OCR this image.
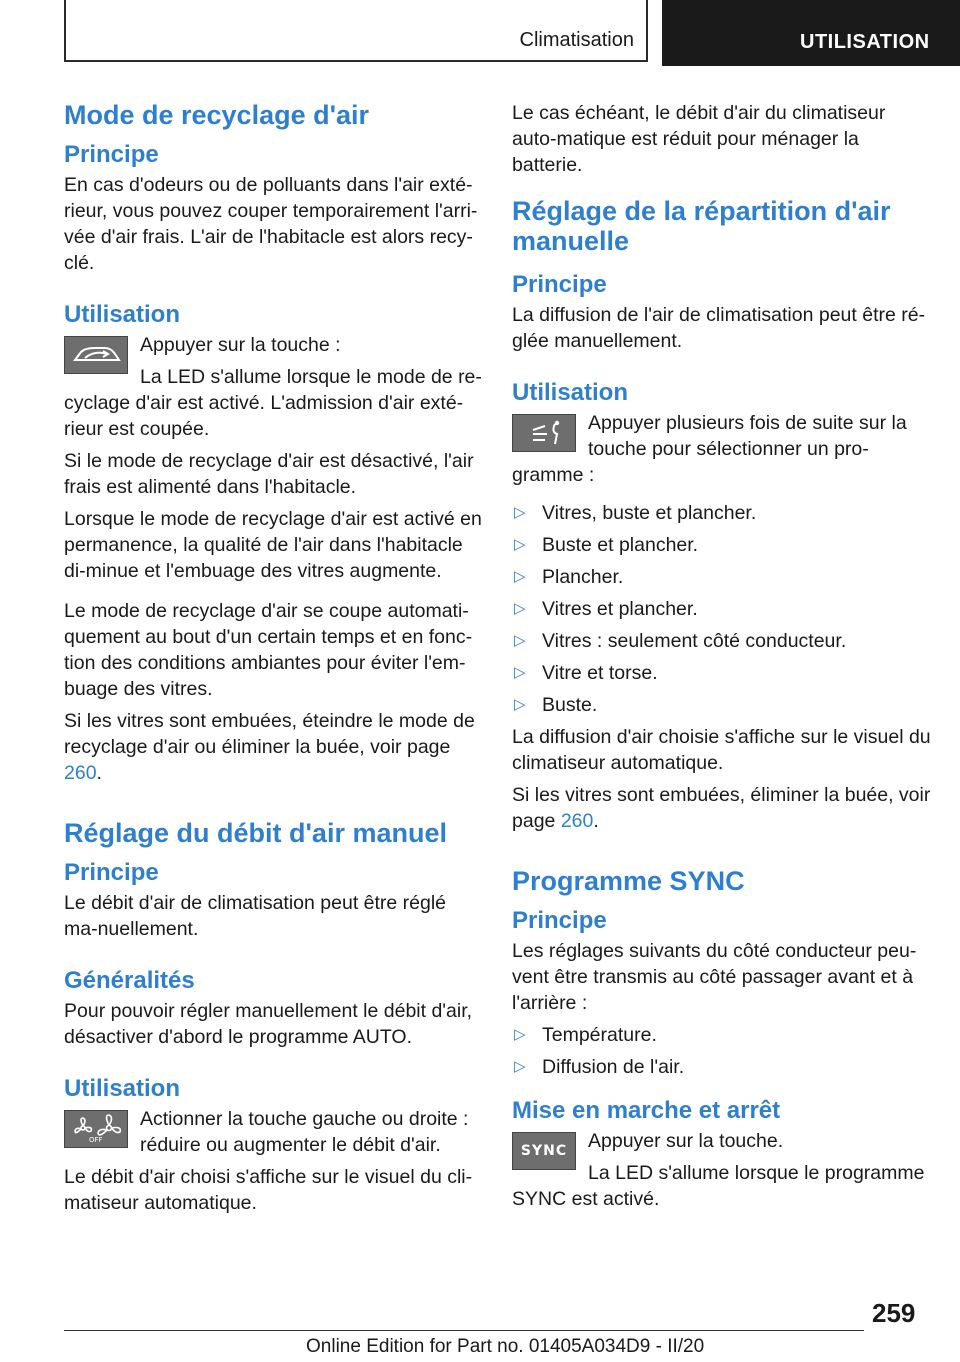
Climatisation	UTILISATION
Mode de recyclage d'air
Principe

En cas d'odeurs ou de polluants dans l'air exté-rieur, vous pouvez couper temporairement l'arri-vée d'air frais. L'air de l'habitacle est alors recy-clé.

Utilisation

Appuyer sur la touche :

La LED s'allume lorsque le mode de re-cyclage d'air est activé. L'admission d'air exté-rieur est coupée.

Si le mode de recyclage d'air est désactivé, l'air frais est alimenté dans l'habitacle.

Lorsque le mode de recyclage d'air est activé en permanence, la qualité de l'air dans l'habitacle di-minue et l'embuage des vitres augmente.

Le mode de recyclage d'air se coupe automati-quement au bout d'un certain temps et en fonc-tion des conditions ambiantes pour éviter l'em-buage des vitres.

Si les vitres sont embuées, éteindre le mode de recyclage d'air ou éliminer la buée, voir page 260.

Réglage du débit d'air manuel
Principe

Le débit d'air de climatisation peut être réglé ma-nuellement.

Généralités

Pour pouvoir régler manuellement le débit d'air, désactiver d'abord le programme AUTO.

Utilisation
OFF

Actionner la touche gauche ou droite : réduire ou augmenter le débit d'air.

Le débit d'air choisi s'affiche sur le visuel du cli-matiseur automatique.

Le cas échéant, le débit d'air du climatiseur auto-matique est réduit pour ménager la batterie.

Réglage de la répartition d'air manuelle
Principe

La diffusion de l'air de climatisation peut être ré-glée manuellement.

Utilisation

Appuyer plusieurs fois de suite sur la touche pour sélectionner un pro-gramme :

▷ Vitres, buste et plancher.
▷ Buste et plancher.
▷ Plancher.
▷ Vitres et plancher.
▷ Vitres : seulement côté conducteur.
▷ Vitre et torse.
▷ Buste.

La diffusion d'air choisie s'affiche sur le visuel du climatiseur automatique.

Si les vitres sont embuées, éliminer la buée, voir page 260.

Programme SYNC
Principe

Les réglages suivants du côté conducteur peu-vent être transmis au côté passager avant et à l'arrière :

▷ Température.
▷ Diffusion de l'air.
Mise en marche et arrêt
SYNC	Appuyer sur la touche.

La LED s'allume lorsque le programme SYNC est activé.

259
Online Edition for Part no. 01405A034D9 - II/20
